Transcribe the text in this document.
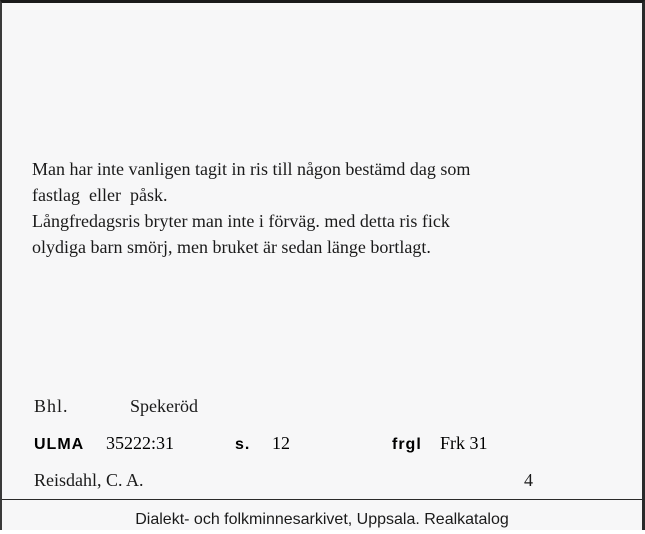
Man har inte vanligen tagit in ris till någon bestämd dag som
fastlag  eller  påsk.
Långfredagsris bryter man inte i förväg. med detta ris fick
olydiga barn smörj, men bruket är sedan länge bortlagt.
Bhl.	Spekeröd
ULMA 35222:31	s. 12	frgl Frk 31
Reisdahl, C. A.	4
Dialekt- och folkminnesarkivet, Uppsala. Realkatalog
